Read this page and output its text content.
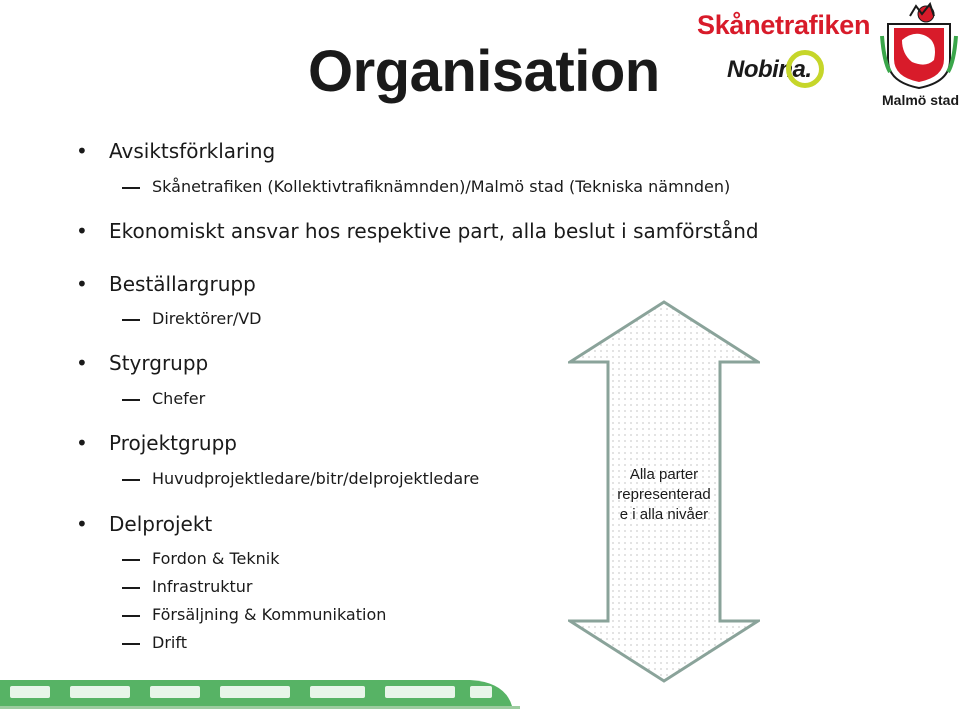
Organisation
Skånetrafiken
Nobina.
Malmö stad
Avsiktsförklaring
Skånetrafiken (Kollektivtrafiknämnden)/Malmö stad (Tekniska nämnden)
Ekonomiskt ansvar hos respektive part, alla beslut i samförstånd
Beställargrupp
Direktörer/VD
Styrgrupp
Chefer
Projektgrupp
Huvudprojektledare/bitr/delprojektledare
Delprojekt
Fordon & Teknik
Infrastruktur
Försäljning & Kommunikation
Drift
Alla parter
representerad
e i alla nivåer
